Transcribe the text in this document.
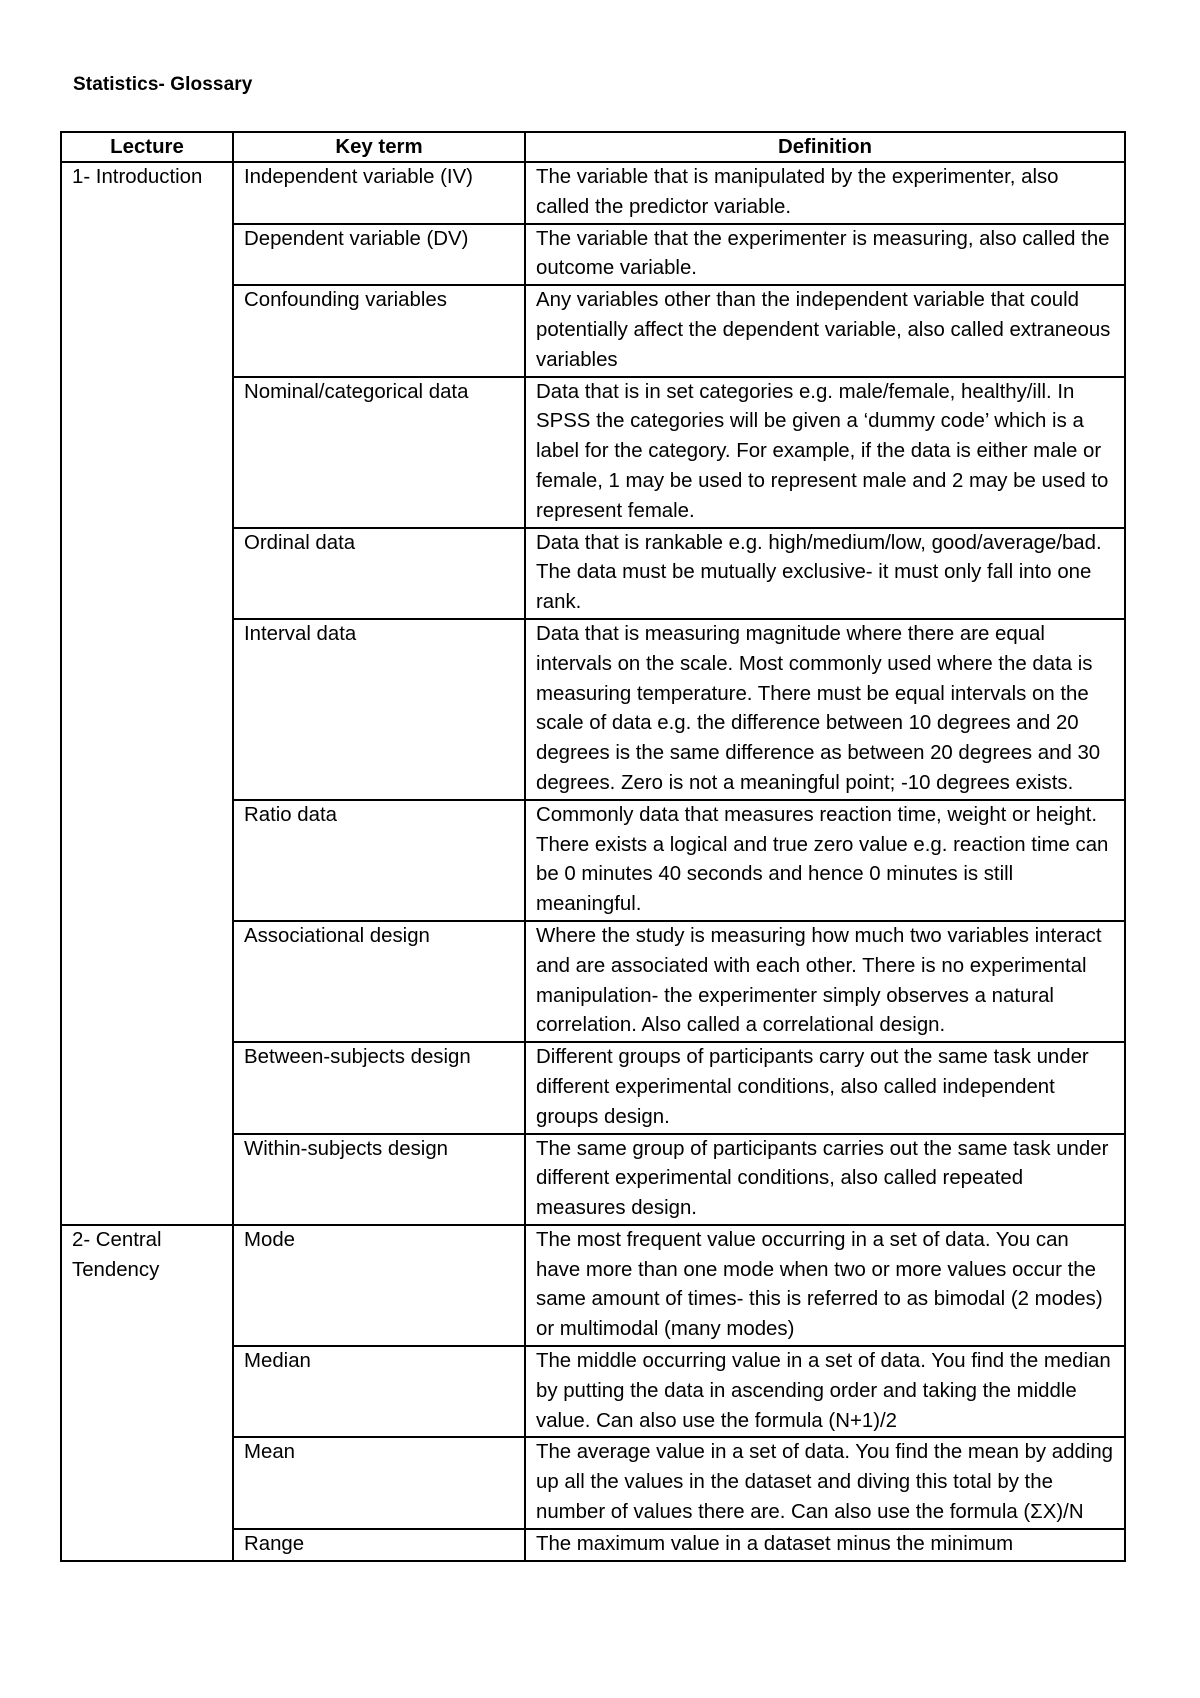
Statistics- Glossary
Lecture	Key term	Definition
1- Introduction	Independent variable (IV)	The variable that is manipulated by the experimenter, also called the predictor variable.
	Dependent variable (DV)	The variable that the experimenter is measuring, also called the outcome variable.
	Confounding variables	Any variables other than the independent variable that could potentially affect the dependent variable, also called extraneous variables
	Nominal/categorical data	Data that is in set categories e.g. male/female, healthy/ill. In SPSS the categories will be given a ‘dummy code’ which is a label for the category. For example, if the data is either male or female, 1 may be used to represent male and 2 may be used to represent female.
	Ordinal data	Data that is rankable e.g. high/medium/low, good/average/bad. The data must be mutually exclusive- it must only fall into one rank.
	Interval data	Data that is measuring magnitude where there are equal intervals on the scale. Most commonly used where the data is measuring temperature. There must be equal intervals on the scale of data e.g. the difference between 10 degrees and 20 degrees is the same difference as between 20 degrees and 30 degrees. Zero is not a meaningful point; -10 degrees exists.
	Ratio data	Commonly data that measures reaction time, weight or height. There exists a logical and true zero value e.g. reaction time can be 0 minutes 40 seconds and hence 0 minutes is still meaningful.
	Associational design	Where the study is measuring how much two variables interact and are associated with each other. There is no experimental manipulation- the experimenter simply observes a natural correlation. Also called a correlational design.
	Between-subjects design	Different groups of participants carry out the same task under different experimental conditions, also called independent groups design.
	Within-subjects design	The same group of participants carries out the same task under different experimental conditions, also called repeated measures design.
2- Central Tendency	Mode	The most frequent value occurring in a set of data. You can have more than one mode when two or more values occur the same amount of times- this is referred to as bimodal (2 modes) or multimodal (many modes)
	Median	The middle occurring value in a set of data. You find the median by putting the data in ascending order and taking the middle value. Can also use the formula (N+1)/2
	Mean	The average value in a set of data. You find the mean by adding up all the values in the dataset and diving this total by the number of values there are. Can also use the formula (ΣX)/N
	Range	The maximum value in a dataset minus the minimum
